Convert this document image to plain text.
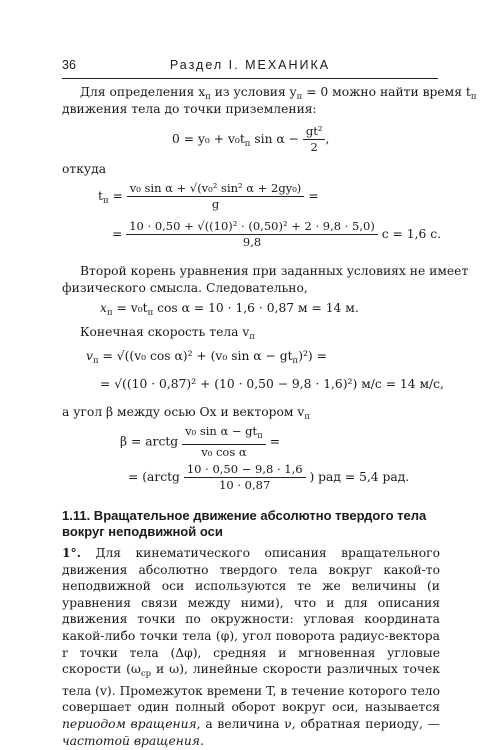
36	Раздел I. МЕХАНИКА
Для определения $x_п$ из условия $y_п = 0$ можно найти время $t_п$
движения тела до точки приземления:
$0 = y_0 + v_0t_п$ $\sin \alpha - \frac{\text{gt²}}{2}$ ,
откуда
$t_п = \frac{\text{v₀ sin α + √(v₀² sin² α + 2gy₀)}}{g}$ =
= $\frac{\text{10 · 0,50 + √((10)² · (0,50)² + 2 · 9,8 · 5,0)}}{9,8}$ с = 1,6 с.
Второй корень уравнения при заданных условиях не имеет
физического смысла. Следовательно,
$x_п = v_0t_п$ cos α = 10 · 1,6 · 0,87 м = 14 м.
Конечная скорость тела $v_п$
$v_п = √((v_0$ cos α)² + (v₀ $\sin \alpha - gt_п)^2$) =
= √((10 · 0,87)² + (10 · 0,50 − 9,8 · 1,6)²) м/с = 14 м/с,
а угол β между осью Ox и вектором $v_п$
β = arctg $\frac{v_0 \sin \alpha - gt_п}{\text{v₀ cos α}}$ =
= (arctg $\frac{10 \cdot 0,50 - 9,8 \cdot 1,6}{10 \cdot 0,87}$ ) рад = 5,4 рад.
1.11. Вращательное движение абсолютно твердого тела вокруг неподвижной оси
1°. Для кинематического описания вращательного движения абсолютно твердого тела вокруг какой-то неподвижной оси используются те же величины (и уравнения связи между ними), что и для описания движения точки по окружности: угловая координата какой-либо точки тела (φ), угол поворота радиус-вектора r точки тела (Δφ), средняя и мгновенная угловые скорости ($\omega_{ср}$ и ω), линейные скорости различных точек тела (v). Промежуток времени T, в течение которого тело совершает один полный оборот вокруг оси, называется периодом вращения, а величина ν, обратная периоду, — частотой вращения.
